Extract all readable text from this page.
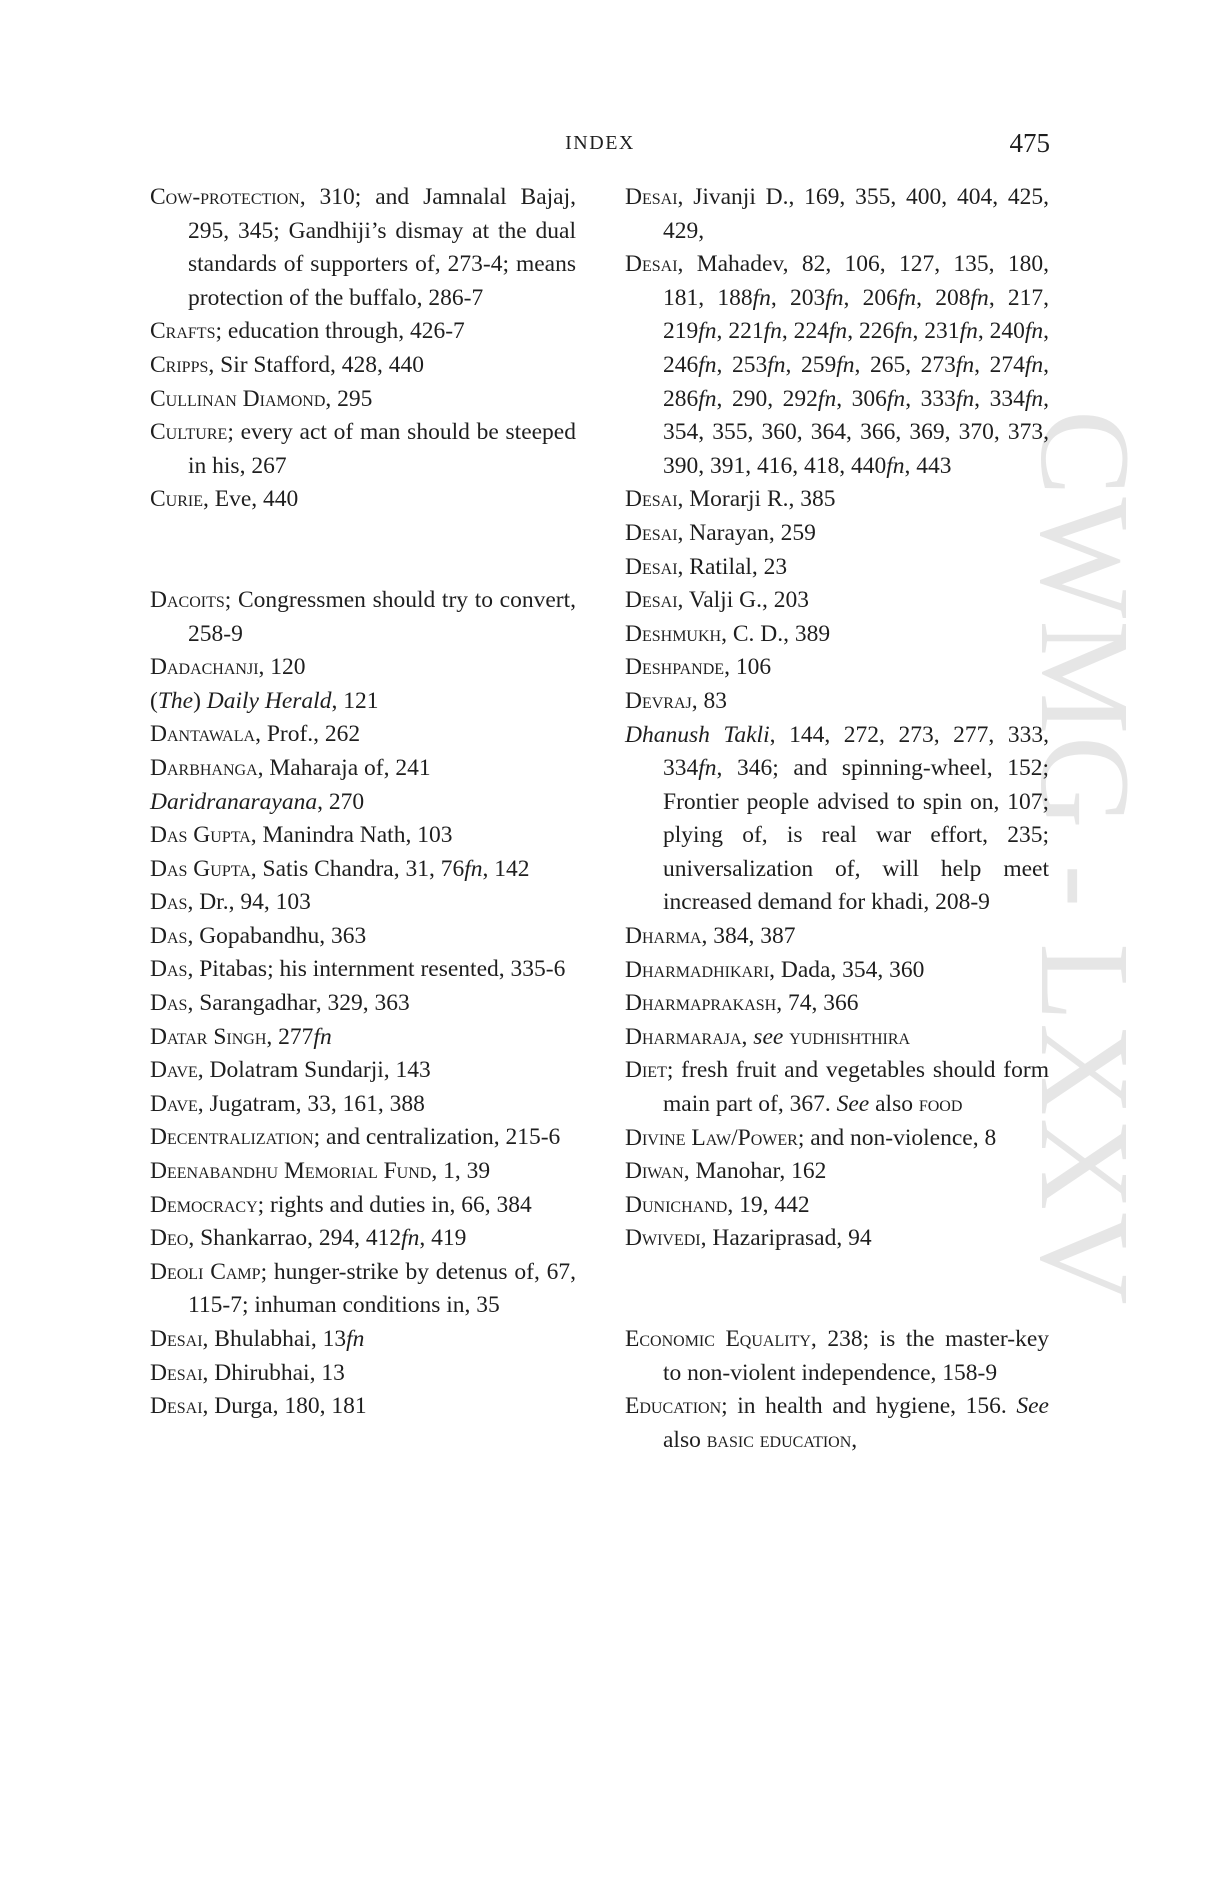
INDEX	475
CWMG - LXXV
Cow-protection, 310; and Jamnalal Bajaj, 295, 345; Gandhiji’s dismay at the dual standards of supporters of, 273-4; means protection of the buffalo, 286-7
Crafts; education through, 426-7
Cripps, Sir Stafford, 428, 440
Cullinan Diamond, 295
Culture; every act of man should be steeped in his, 267
Curie, Eve, 440
Dacoits; Congressmen should try to convert, 258-9
Dadachanji, 120
(The) Daily Herald, 121
Dantawala, Prof., 262
Darbhanga, Maharaja of, 241
Daridranarayana, 270
Das Gupta, Manindra Nath, 103
Das Gupta, Satis Chandra, 31, 76fn, 142
Das, Dr., 94, 103
Das, Gopabandhu, 363
Das, Pitabas; his internment resented, 335-6
Das, Sarangadhar, 329, 363
Datar Singh, 277fn
Dave, Dolatram Sundarji, 143
Dave, Jugatram, 33, 161, 388
Decentralization; and centralization, 215-6
Deenabandhu Memorial Fund, 1, 39
Democracy; rights and duties in, 66, 384
Deo, Shankarrao, 294, 412fn, 419
Deoli Camp; hunger-strike by detenus of, 67, 115-7; inhuman conditions in, 35
Desai, Bhulabhai, 13fn
Desai, Dhirubhai, 13
Desai, Durga, 180, 181
Desai, Jivanji D., 169, 355, 400, 404, 425, 429,
Desai, Mahadev, 82, 106, 127, 135, 180, 181, 188fn, 203fn, 206fn, 208fn, 217, 219fn, 221fn, 224fn, 226fn, 231fn, 240fn, 246fn, 253fn, 259fn, 265, 273fn, 274fn, 286fn, 290, 292fn, 306fn, 333fn, 334fn, 354, 355, 360, 364, 366, 369, 370, 373, 390, 391, 416, 418, 440fn, 443
Desai, Morarji R., 385
Desai, Narayan, 259
Desai, Ratilal, 23
Desai, Valji G., 203
Deshmukh, C. D., 389
Deshpande, 106
Devraj, 83
Dhanush Takli, 144, 272, 273, 277, 333, 334fn, 346; and spinning-wheel, 152; Frontier people advised to spin on, 107; plying of, is real war effort, 235; universalization of, will help meet increased demand for khadi, 208-9
Dharma, 384, 387
Dharmadhikari, Dada, 354, 360
Dharmaprakash, 74, 366
Dharmaraja, see yudhishthira
Diet; fresh fruit and vegetables should form main part of, 367. See also food
Divine Law/Power; and non-violence, 8
Diwan, Manohar, 162
Dunichand, 19, 442
Dwivedi, Hazariprasad, 94
Economic Equality, 238; is the master-key to non-violent independence, 158-9
Education; in health and hygiene, 156. See also basic education,
